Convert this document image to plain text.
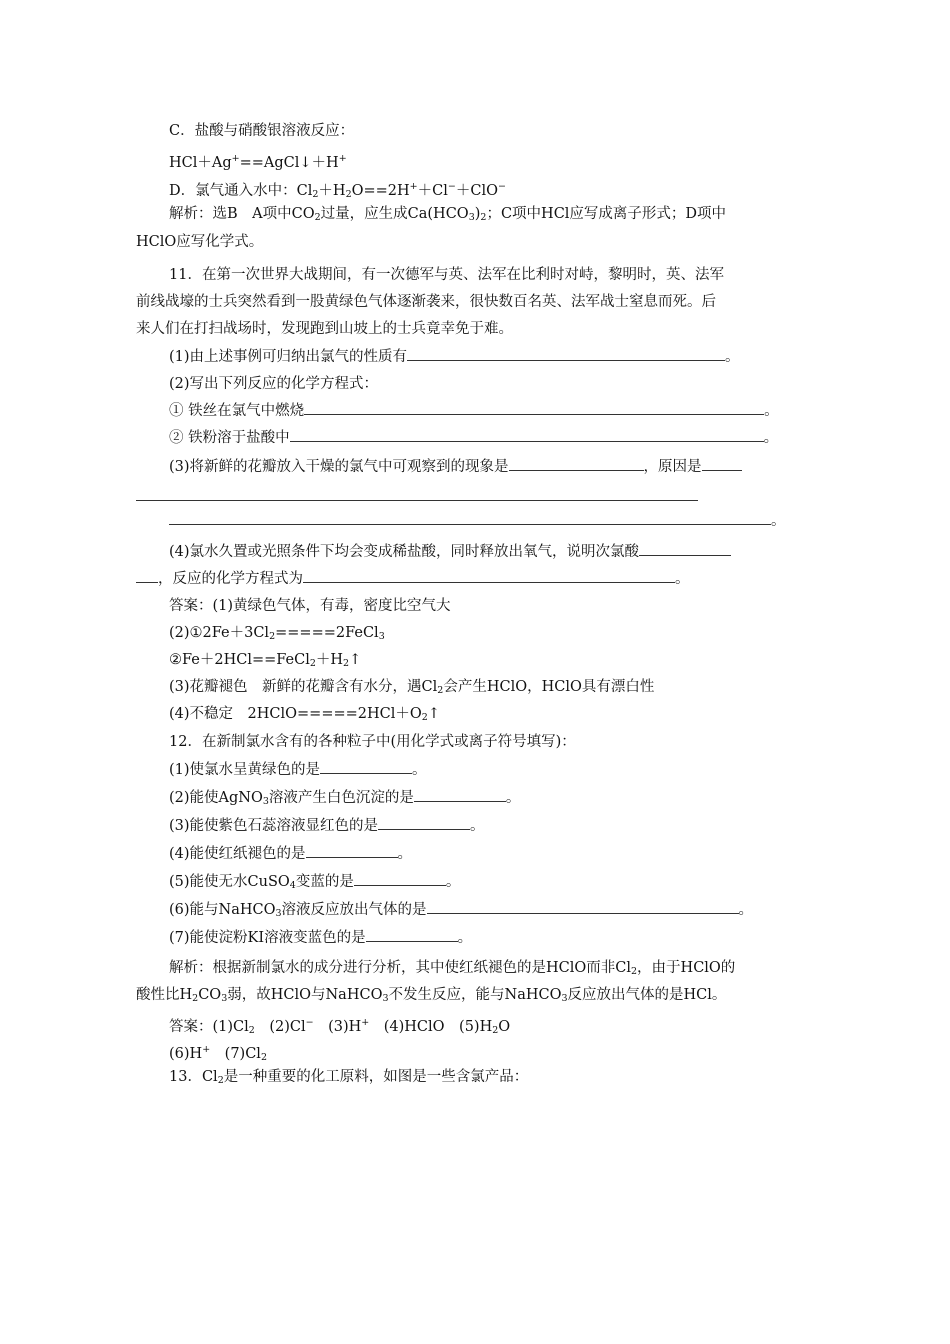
C．盐酸与硝酸银溶液反应：
HCl＋Ag+==AgCl↓＋H+
D．氯气通入水中：Cl2＋H2O==2H+＋Cl−＋ClO−
解析：选B　A项中CO2过量，应生成Ca(HCO3)2；C项中HCl应写成离子形式；D项中
HClO应写化学式。
11．在第一次世界大战期间，有一次德军与英、法军在比利时对峙，黎明时，英、法军
前线战壕的士兵突然看到一股黄绿色气体逐渐袭来，很快数百名英、法军战士窒息而死。后
来人们在打扫战场时，发现跑到山坡上的士兵竟幸免于难。
(1)由上述事例可归纳出氯气的性质有	。
(2)写出下列反应的化学方程式：
① 铁丝在氯气中燃烧	。
② 铁粉溶于盐酸中	。
(3)将新鲜的花瓣放入干燥的氯气中可观察到的现象是	，原因是
。
(4)氯水久置或光照条件下均会变成稀盐酸，同时释放出氧气，说明次氯酸
，反应的化学方程式为	。
答案：(1)黄绿色气体，有毒，密度比空气大
(2)①2Fe＋3Cl2=====2FeCl3
②Fe＋2HCl==FeCl2＋H2↑
(3)花瓣褪色　新鲜的花瓣含有水分，遇Cl2会产生HClO，HClO具有漂白性
(4)不稳定　2HClO=====2HCl＋O2↑
12．在新制氯水含有的各种粒子中(用化学式或离子符号填写)：
(1)使氯水呈黄绿色的是	。
(2)能使AgNO3溶液产生白色沉淀的是	。
(3)能使紫色石蕊溶液显红色的是	。
(4)能使红纸褪色的是	。
(5)能使无水CuSO4变蓝的是	。
(6)能与NaHCO3溶液反应放出气体的是	。
(7)能使淀粉KI溶液变蓝色的是	。
解析：根据新制氯水的成分进行分析，其中使红纸褪色的是HClO而非Cl2，由于HClO的
酸性比H2CO3弱，故HClO与NaHCO3不发生反应，能与NaHCO3反应放出气体的是HCl。
答案：(1)Cl2　(2)Cl−　(3)H+　(4)HClO　(5)H2O
(6)H+　(7)Cl2
13．Cl2是一种重要的化工原料，如图是一些含氯产品：
